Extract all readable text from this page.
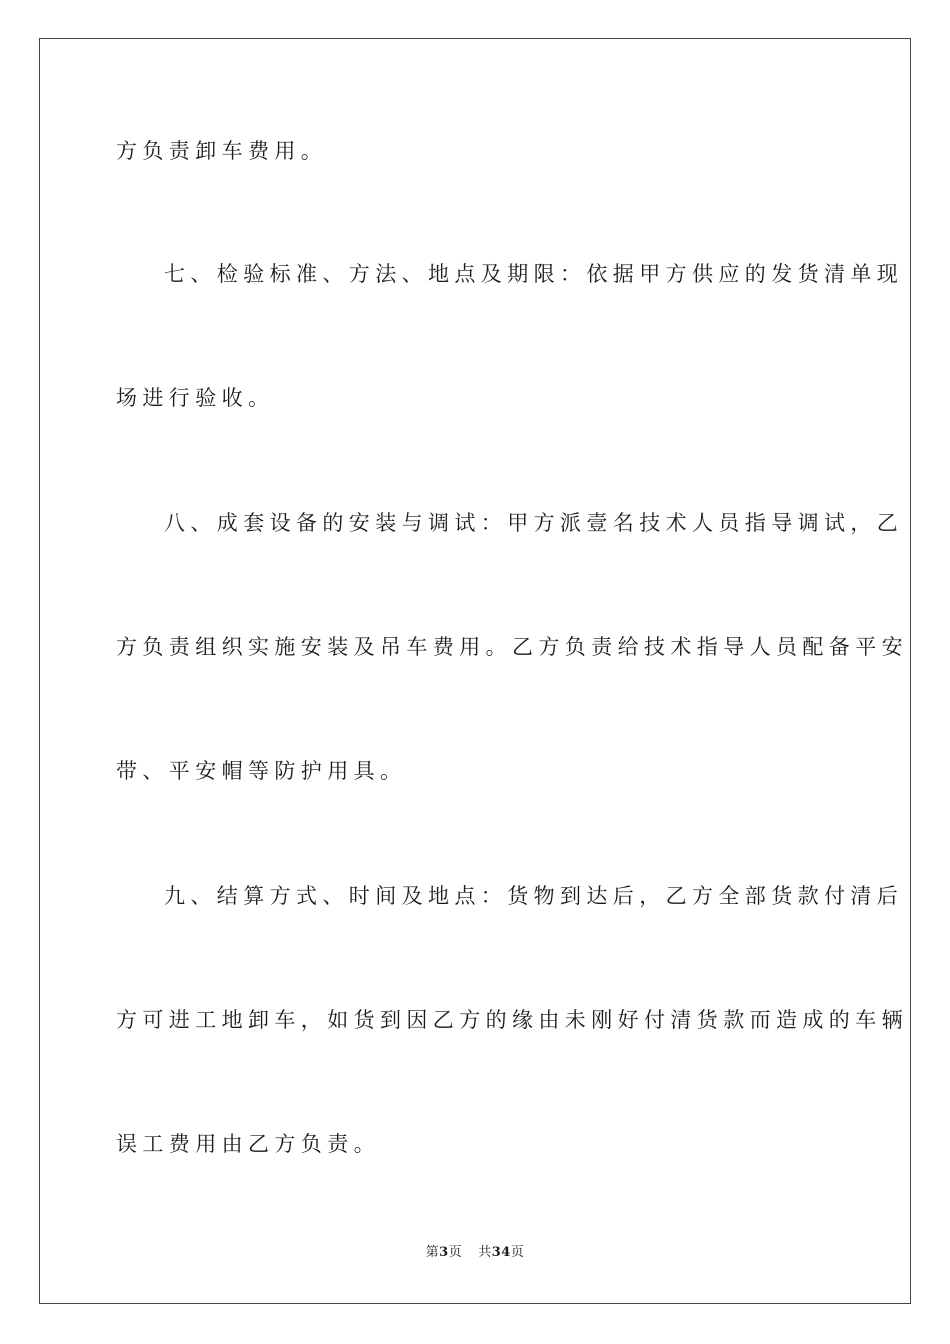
方负责卸车费用。
七、检验标准、方法、地点及期限：依据甲方供应的发货清单现
场进行验收。
八、成套设备的安装与调试：甲方派壹名技术人员指导调试，乙
方负责组织实施安装及吊车费用。乙方负责给技术指导人员配备平安
带、平安帽等防护用具。
九、结算方式、时间及地点：货物到达后，乙方全部货款付清后
方可进工地卸车，如货到因乙方的缘由未刚好付清货款而造成的车辆
误工费用由乙方负责。
第3页 共34页
